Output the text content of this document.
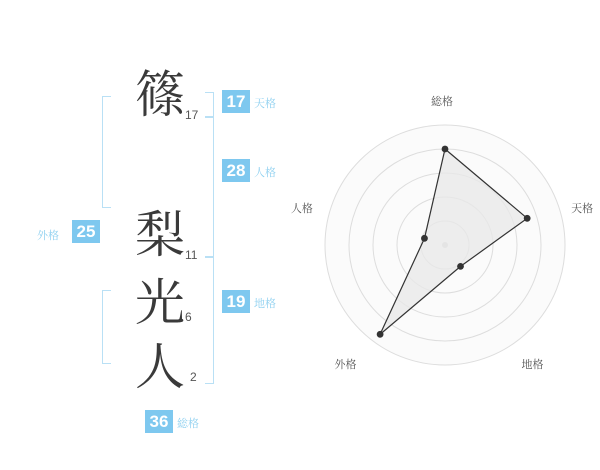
篠
梨
光
人
17
11
6
2
17 天格
28 人格
外格	25
19 地格
36 総格
総格
天格
地格
外格
人格
